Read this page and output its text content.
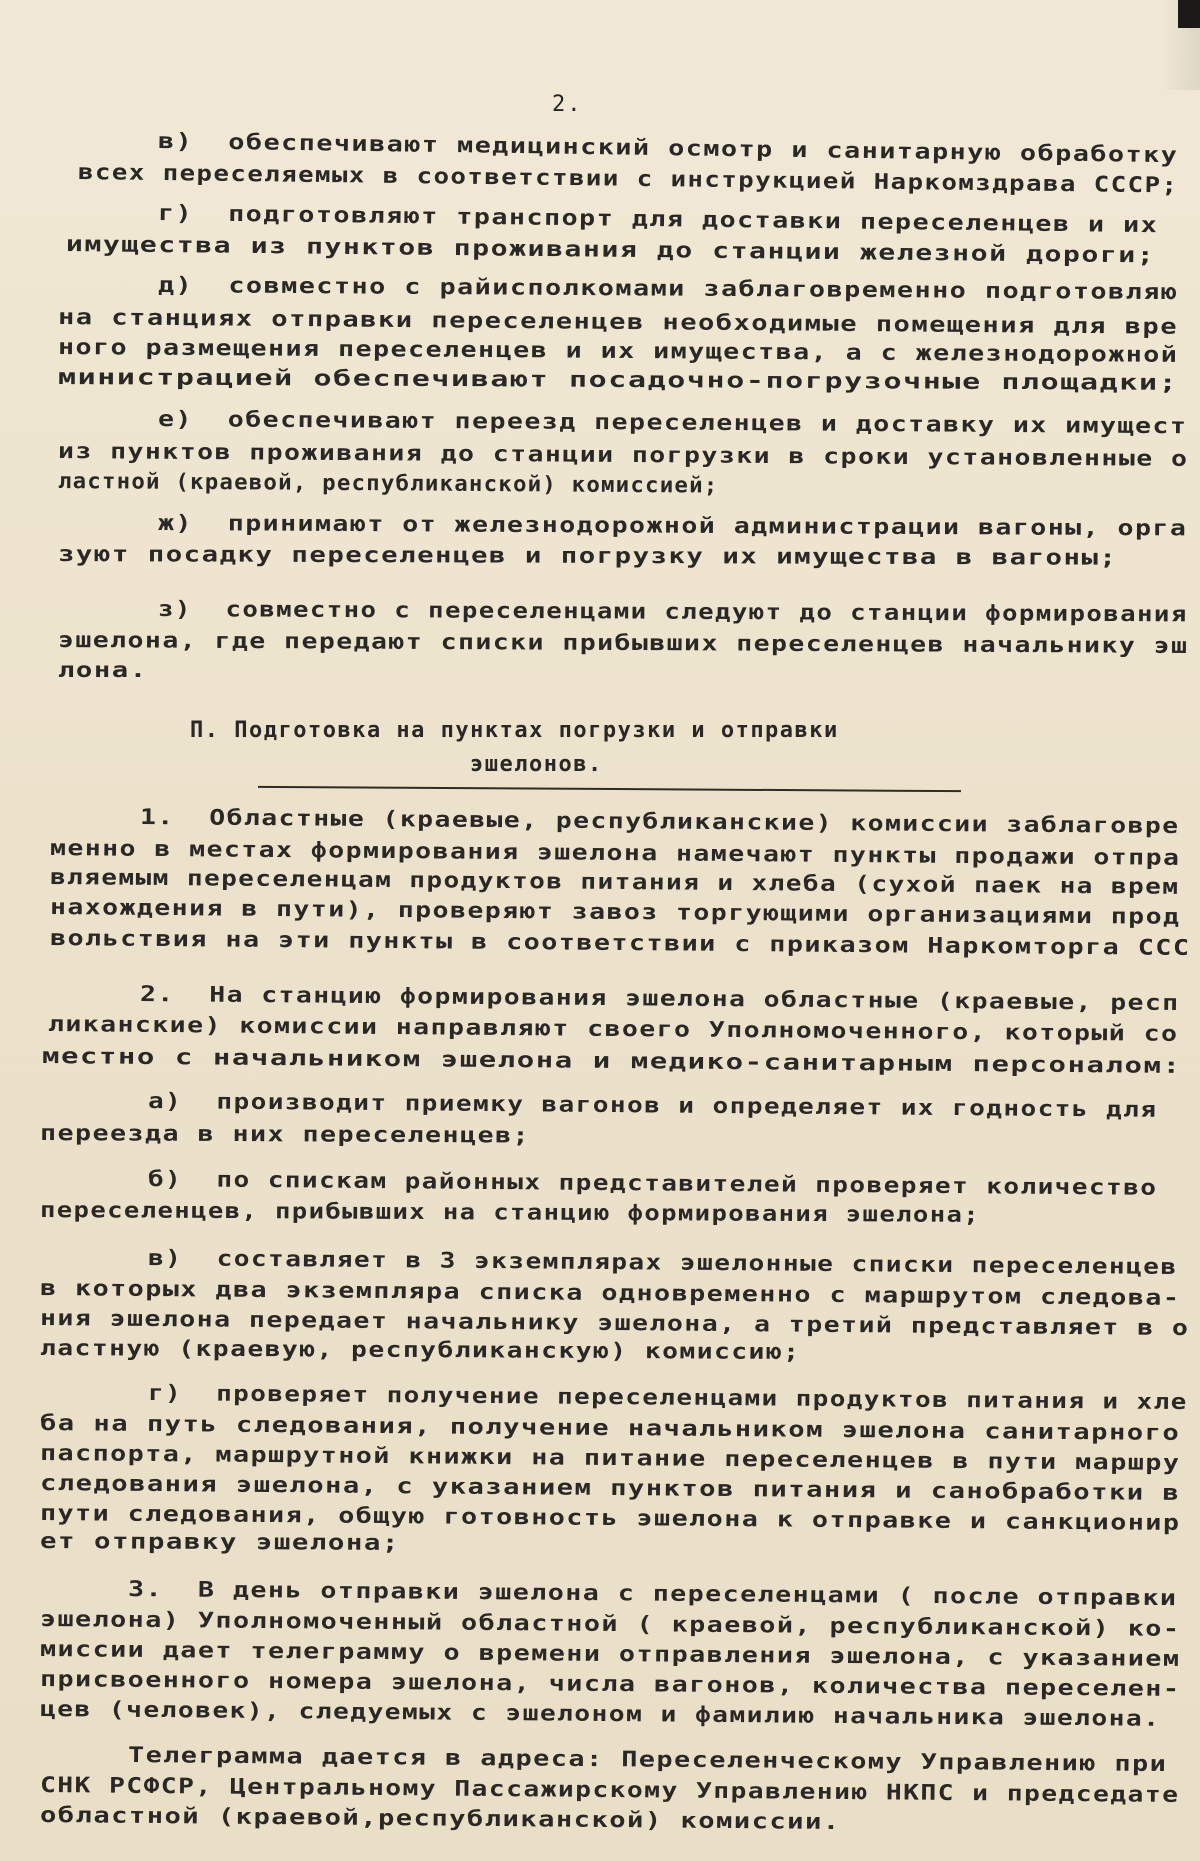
2.
П. Подготовка на пунктах погрузки и отправки
эшелонов.
в)  обеспечивают медицинский осмотр и санитарную обработку
всех переселяемых в соответствии с инструкцией Наркомздрава СССР;
г)  подготовляют транспорт для доставки переселенцев и их
имущества из пунктов проживания до станции железной дороги;
д)  совместно с райисполкомами заблаговременно подготовляю
на станциях отправки переселенцев необходимые помещения для вре
ного размещения переселенцев и их имущества, а с железнодорожной
министрацией обеспечивают посадочно-погрузочные площадки;
е)  обеспечивают переезд переселенцев и доставку их имущест
из пунктов проживания до станции погрузки в сроки установленные о
ластной (краевой, республиканской) комиссией;
ж)  принимают от железнодорожной администрации вагоны, орга
зуют посадку переселенцев и погрузку их имущества в вагоны;
з)  совместно с переселенцами следуют до станции формирования
эшелона, где передают списки прибывших переселенцев начальнику эш
лона.
1.  Областные (краевые, республиканские) комиссии заблаговре
менно в местах формирования эшелона намечают пункты продажи отпра
вляемым переселенцам продуктов питания и хлеба (сухой паек на врем
нахождения в пути), проверяют завоз торгующими организациями прод
вольствия на эти пункты в соответствии с приказом Наркомторга ССС
2.  На станцию формирования эшелона областные (краевые, респ
ликанские) комиссии направляют своего Уполномоченного, который со
местно с начальником эшелона и медико-санитарным персоналом:
а)  производит приемку вагонов и определяет их годность для
переезда в них переселенцев;
б)  по спискам районных представителей проверяет количество
переселенцев, прибывших на станцию формирования эшелона;
в)  составляет в 3 экземплярах эшелонные списки переселенцев
в которых два экземпляра списка одновременно с маршрутом следова-
ния эшелона передает начальнику эшелона, а третий представляет в о
ластную (краевую, республиканскую) комиссию;
г)  проверяет получение переселенцами продуктов питания и хле
ба на путь следования, получение начальником эшелона санитарного
паспорта, маршрутной книжки на питание переселенцев в пути маршру
следования эшелона, с указанием пунктов питания и санобработки в
пути следования, общую готовность эшелона к отправке и санкционир
ет отправку эшелона;
3.  В день отправки эшелона с переселенцами ( после отправки
эшелона) Уполномоченный областной ( краевой, республиканской) ко-
миссии дает телеграмму о времени отправления эшелона, с указанием
присвоенного номера эшелона, числа вагонов, количества переселен-
цев (человек), следуемых с эшелоном и фамилию начальника эшелона.
Телеграмма дается в адреса: Переселенческому Управлению при
СНК РСФСР, Центральному Пассажирскому Управлению НКПС и председате
областной (краевой,республиканской) комиссии.
